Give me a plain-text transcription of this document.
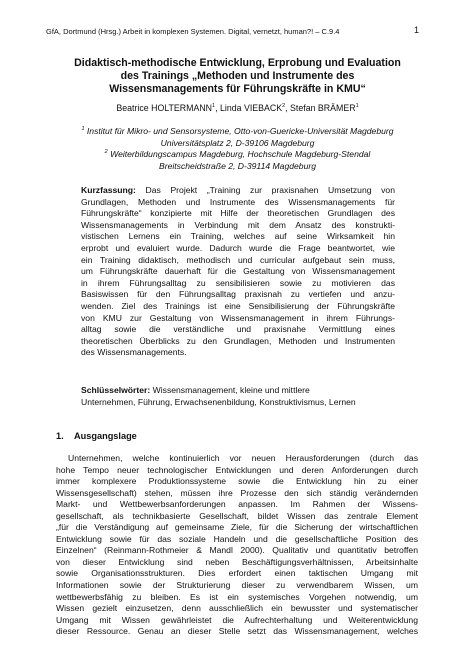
GfA, Dortmund (Hrsg.) Arbeit in komplexen Systemen. Digital, vernetzt, human?! – C.9.4	1
Didaktisch-methodische Entwicklung, Erprobung und Evaluation
des Trainings „Methoden und Instrumente des
Wissensmanagements für Führungskräfte in KMU“
Beatrice HOLTERMANN$^1$, Linda VIEBACK$^2$, Stefan BRÄMER$^1$
$^1$ Institut für Mikro- und Sensorsysteme, Otto-von-Guericke-Universität Magdeburg
Universitätsplatz 2, D-39106 Magdeburg
$^2$ Weiterbildungscampus Magdeburg, Hochschule Magdeburg-Stendal
Breitscheidstraße 2, D-39114 Magdeburg
Kurzfassung: Das Projekt „Training zur praxisnahen Umsetzung von
Grundlagen, Methoden und Instrumente des Wissensmanagements für
Führungskräfte“ konzipierte mit Hilfe der theoretischen Grundlagen des
Wissensmanagements in Verbindung mit dem Ansatz des konstrukti-
vistischen Lernens ein Training, welches auf seine Wirksamkeit hin
erprobt und evaluiert wurde. Dadurch wurde die Frage beantwortet, wie
ein Training didaktisch, methodisch und curricular aufgebaut sein muss,
um Führungskräfte dauerhaft für die Gestaltung von Wissensmanagement
in ihrem Führungsalltag zu sensibilisieren sowie zu motivieren das
Basiswissen für den Führungsalltag praxisnah zu vertiefen und anzu-
wenden. Ziel des Trainings ist eine Sensibilisierung der Führungskräfte
von KMU zur Gestaltung von Wissensmanagement in ihrem Führungs-
alltag sowie die verständliche und praxisnahe Vermittlung eines
theoretischen Überblicks zu den Grundlagen, Methoden und Instrumenten
des Wissensmanagements.
Schlüsselwörter: Wissensmanagement, kleine und mittlere
Unternehmen, Führung, Erwachsenenbildung, Konstruktivismus, Lernen
1. Ausgangslage
Unternehmen, welche kontinuierlich vor neuen Herausforderungen (durch das
hohe Tempo neuer technologischer Entwicklungen und deren Anforderungen durch
immer komplexere Produktionssysteme sowie die Entwicklung hin zu einer
Wissensgesellschaft) stehen, müssen ihre Prozesse den sich ständig verändernden
Markt- und Wettbewerbsanforderungen anpassen. Im Rahmen der Wissens-
gesellschaft, als technikbasierte Gesellschaft, bildet Wissen das zentrale Element
„für die Verständigung auf gemeinsame Ziele, für die Sicherung der wirtschaftlichen
Entwicklung sowie für das soziale Handeln und die gesellschaftliche Position des
Einzelnen“ (Reinmann-Rothmeier & Mandl 2000). Qualitativ und quantitativ betroffen
von dieser Entwicklung sind neben Beschäftigungsverhältnissen, Arbeitsinhalte
sowie Organisationsstrukturen. Dies erfordert einen taktischen Umgang mit
Informationen sowie der Strukturierung dieser zu verwendbarem Wissen, um
wettbewerbsfähig zu bleiben. Es ist ein systemisches Vorgehen notwendig, um
Wissen gezielt einzusetzen, denn ausschließlich ein bewusster und systematischer
Umgang mit Wissen gewährleistet die Aufrechterhaltung und Weiterentwicklung
dieser Ressource. Genau an dieser Stelle setzt das Wissensmanagement, welches
